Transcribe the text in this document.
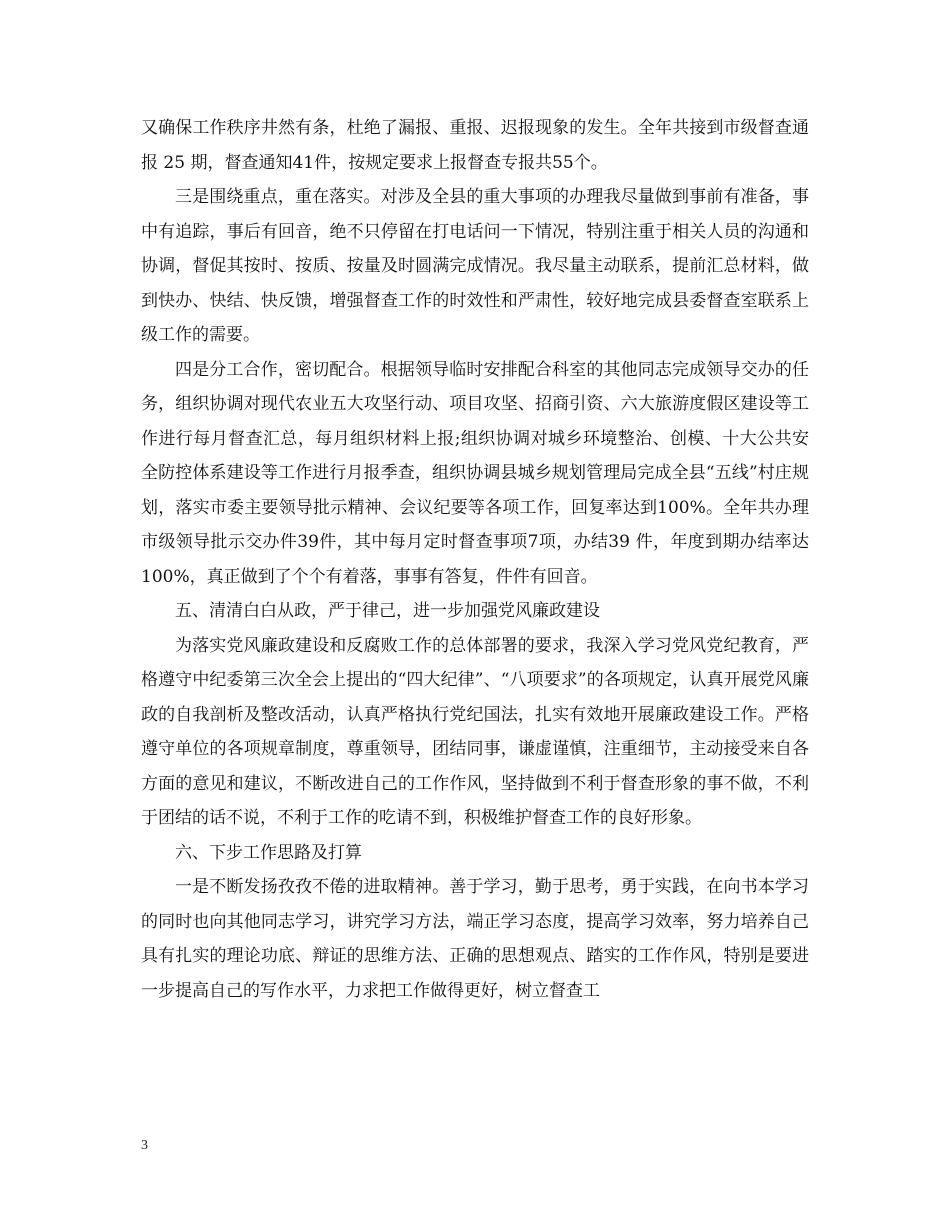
又确保工作秩序井然有条，杜绝了漏报、重报、迟报现象的发生。全年共接到市级督查通报 25 期，督查通知41件，按规定要求上报督查专报共55个。

三是围绕重点，重在落实。对涉及全县的重大事项的办理我尽量做到事前有准备，事中有追踪，事后有回音，绝不只停留在打电话问一下情况，特别注重于相关人员的沟通和协调，督促其按时、按质、按量及时圆满完成情况。我尽量主动联系，提前汇总材料，做到快办、快结、快反馈，增强督查工作的时效性和严肃性，较好地完成县委督查室联系上级工作的需要。

四是分工合作，密切配合。根据领导临时安排配合科室的其他同志完成领导交办的任务，组织协调对现代农业五大攻坚行动、项目攻坚、招商引资、六大旅游度假区建设等工作进行每月督查汇总，每月组织材料上报;组织协调对城乡环境整治、创模、十大公共安全防控体系建设等工作进行月报季查，组织协调县城乡规划管理局完成全县“五线”村庄规划，落实市委主要领导批示精神、会议纪要等各项工作，回复率达到100%。全年共办理市级领导批示交办件39件，其中每月定时督查事项7项，办结39 件，年度到期办结率达100%，真正做到了个个有着落，事事有答复，件件有回音。

五、清清白白从政，严于律己，进一步加强党风廉政建设

为落实党风廉政建设和反腐败工作的总体部署的要求，我深入学习党风党纪教育，严格遵守中纪委第三次全会上提出的“四大纪律”、“八项要求”的各项规定，认真开展党风廉政的自我剖析及整改活动，认真严格执行党纪国法，扎实有效地开展廉政建设工作。严格遵守单位的各项规章制度，尊重领导，团结同事，谦虚谨慎，注重细节，主动接受来自各方面的意见和建议，不断改进自己的工作作风，坚持做到不利于督查形象的事不做，不利于团结的话不说，不利于工作的吃请不到，积极维护督查工作的良好形象。

六、下步工作思路及打算

一是不断发扬孜孜不倦的进取精神。善于学习，勤于思考，勇于实践，在向书本学习的同时也向其他同志学习，讲究学习方法，端正学习态度，提高学习效率，努力培养自己具有扎实的理论功底、辩证的思维方法、正确的思想观点、踏实的工作作风，特别是要进一步提高自己的写作水平，力求把工作做得更好，树立督查工

3
